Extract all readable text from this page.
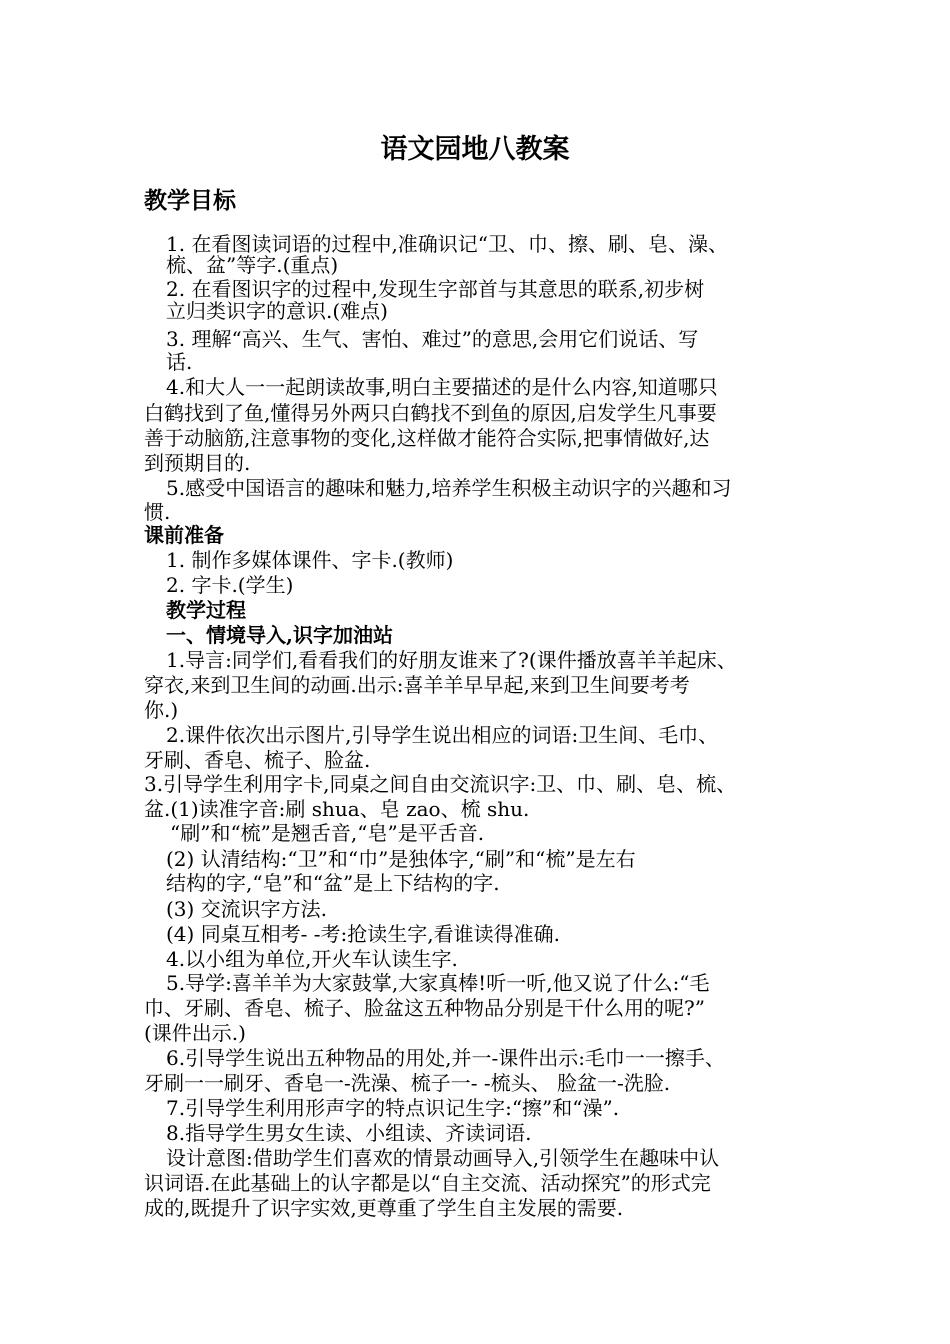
语文园地八教案

教学目标

1. 在看图读词语的过程中,准确识记“卫、巾、擦、刷、皂、澡、

梳、盆”等字.(重点)

2. 在看图识字的过程中,发现生字部首与其意思的联系,初步树

立归类识字的意识.(难点)

3. 理解“高兴、生气、害怕、难过”的意思,会用它们说话、写

话.

4.和大人一一起朗读故事,明白主要描述的是什么内容,知道哪只

白鹤找到了鱼,懂得另外两只白鹤找不到鱼的原因,启发学生凡事要

善于动脑筋,注意事物的变化,这样做才能符合实际,把事情做好,达

到预期目的.

5.感受中国语言的趣味和魅力,培养学生积极主动识字的兴趣和习

惯.

课前准备

1. 制作多媒体课件、字卡.(教师)

2. 字卡.(学生)

教学过程

一、情境导入,识字加油站

1.导言:同学们,看看我们的好朋友谁来了?(课件播放喜羊羊起床、

穿衣,来到卫生间的动画.出示:喜羊羊早早起,来到卫生间要考考

你.)

2.课件依次出示图片,引导学生说出相应的词语:卫生间、毛巾、

牙刷、香皂、梳子、脸盆.

3.引导学生利用字卡,同桌之间自由交流识字:卫、巾、刷、皂、梳、

盆.(1)读准字音:刷 shua、皂 zao、梳 shu.

“刷”和“梳”是翘舌音,“皂”是平舌音.

(2) 认清结构:“卫”和“巾”是独体字,“刷”和“梳”是左右

结构的字,“皂”和“盆”是上下结构的字.

(3) 交流识字方法.

(4) 同桌互相考- -考:抢读生字,看谁读得准确.

4.以小组为单位,开火车认读生字.

5.导学:喜羊羊为大家鼓掌,大家真棒!听一听,他又说了什么:“毛

巾、牙刷、香皂、梳子、脸盆这五种物品分别是干什么用的呢?”

(课件出示.)

6.引导学生说出五种物品的用处,并一-课件出示:毛巾一一擦手、

牙刷一一刷牙、香皂一-洗澡、梳子一- -梳头、 脸盆一-洗脸.

7.引导学生利用形声字的特点识记生字:“擦”和“澡”.

8.指导学生男女生读、小组读、齐读词语.

设计意图:借助学生们喜欢的情景动画导入,引领学生在趣味中认

识词语.在此基础上的认字都是以“自主交流、活动探究”的形式完

成的,既提升了识字实效,更尊重了学生自主发展的需要.
